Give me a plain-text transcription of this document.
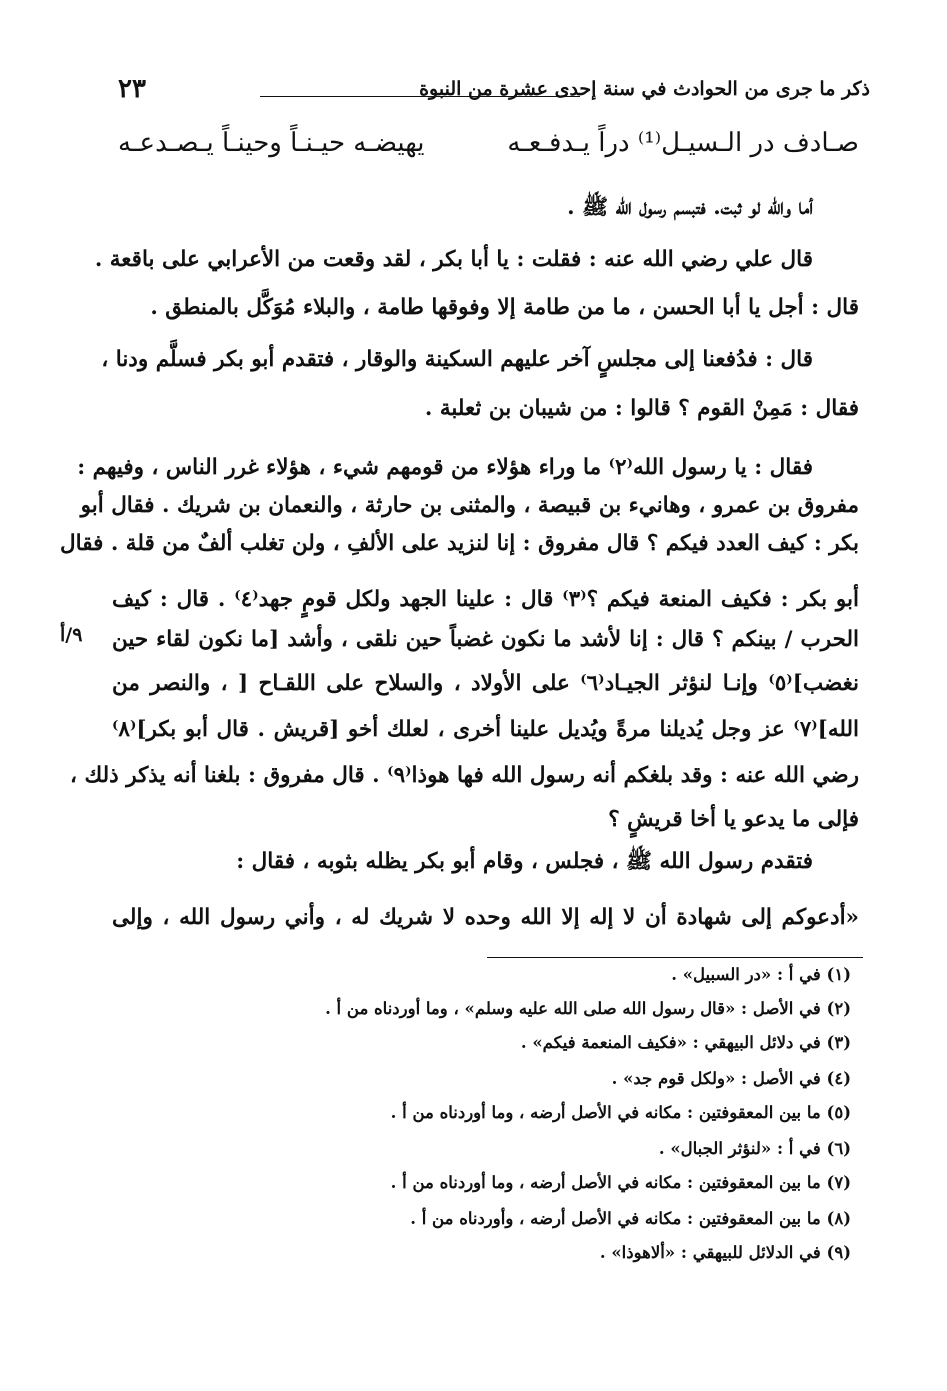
٢٣	ذكر ما جرى من الحوادث في سنة إحدى عشرة من النبوة
صـادف در الـسيـل⁽¹⁾ دراً يـدفـعـه
يهيضـه حيـنـاً وحينـاً يـصـدعـه
أما والله لو ثبت. فتبسم رسول الله ﷺ .
قال علي رضي الله عنه : فقلت : يا أبا بكر ، لقد وقعت من الأعرابي على باقعة .
قال : أجل يا أبا الحسن ، ما من طامة إلا وفوقها طامة ، والبلاء مُوَكَّل بالمنطق .
قال : فدُفعنا إلى مجلسٍ آخر عليهم السكينة والوقار ، فتقدم أبو بكر فسلَّم ودنا ،
فقال : مَمِنْ القوم ؟ قالوا : من شيبان بن ثعلبة .
فقال : يا رسول الله⁽٢⁾ ما وراء هؤلاء من قومهم شيء ، هؤلاء غرر الناس ، وفيهم :
مفروق بن عمرو ، وهانيء بن قبيصة ، والمثنى بن حارثة ، والنعمان بن شريك . فقال أبو
بكر : كيف العدد فيكم ؟ قال مفروق : إنا لنزيد على الألفِ ، ولن تغلب ألفٌ من قلة . فقال
أبو بكر : فكيف المنعة فيكم ؟⁽٣⁾ قال : علينا الجهد ولكل قومٍ جهد⁽٤⁾ . قال : كيف
الحرب / بينكم ؟ قال : إنا لأشد ما نكون غضباً حين نلقى ، وأشد [ما نكون لقاء حين
نغضب]⁽٥⁾ وإنـا لنؤثر الجيـاد⁽٦⁾ على الأولاد ، والسلاح على اللقـاح [ ، والنصر من
الله]⁽٧⁾ عز وجل يُديلنا مرةً ويُديل علينا أخرى ، لعلك أخو [قريش . قال أبو بكر]⁽٨⁾
رضي الله عنه : وقد بلغكم أنه رسول الله فها هوذا⁽٩⁾ . قال مفروق : بلغنا أنه يذكر ذلك ،
فإلى ما يدعو يا أخا قريشٍ ؟
فتقدم رسول الله ﷺ ، فجلس ، وقام أبو بكر يظله بثوبه ، فقال :
«أدعوكم إلى شهادة أن لا إله إلا الله وحده لا شريك له ، وأني رسول الله ، وإلى
٩/أ
(١) في أ : «در السبيل» .
(٢) في الأصل : «قال رسول الله صلى الله عليه وسلم» ، وما أوردناه من أ .
(٣) في دلائل البيهقي : «فكيف المنعمة فيكم» .
(٤) في الأصل : «ولكل قوم جد» .
(٥) ما بين المعقوفتين : مكانه في الأصل أرضه ، وما أوردناه من أ .
(٦) في أ : «لنؤثر الجبال» .
(٧) ما بين المعقوفتين : مكانه في الأصل أرضه ، وما أوردناه من أ .
(٨) ما بين المعقوفتين : مكانه في الأصل أرضه ، وأوردناه من أ .
(٩) في الدلائل للبيهقي : «ألاهوذا» .
